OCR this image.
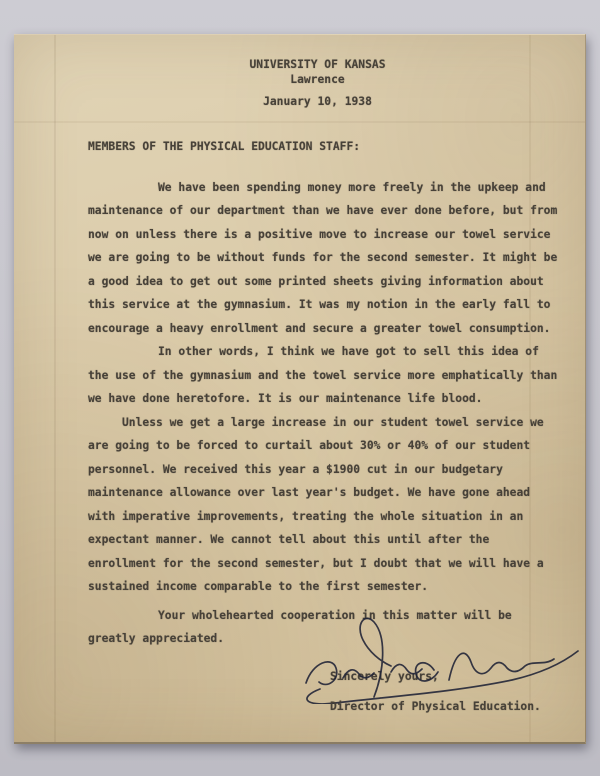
UNIVERSITY OF KANSAS
Lawrence
January 10, 1938

MEMBERS OF THE PHYSICAL EDUCATION STAFF:

We have been spending money more freely in the upkeep and maintenance of our department than we have ever done before, but from now on unless there is a positive move to increase our towel service we are going to be without funds for the second semester. It might be a good idea to get out some printed sheets giving information about this service at the gymnasium. It was my notion in the early fall to encourage a heavy enrollment and secure a greater towel consumption.

In other words, I think we have got to sell this idea of the use of the gymnasium and the towel service more emphatically than we have done heretofore. It is our maintenance life blood.

Unless we get a large increase in our student towel service we are going to be forced to curtail about 30% or 40% of our student personnel. We received this year a $1900 cut in our budgetary maintenance allowance over last year's budget. We have gone ahead with imperative improvements, treating the whole situation in an expectant manner. We cannot tell about this until after the enrollment for the second semester, but I doubt that we will have a sustained income comparable to the first semester.

Your wholehearted cooperation in this matter will be greatly appreciated.

Sincerely yours,
Director of Physical Education.
